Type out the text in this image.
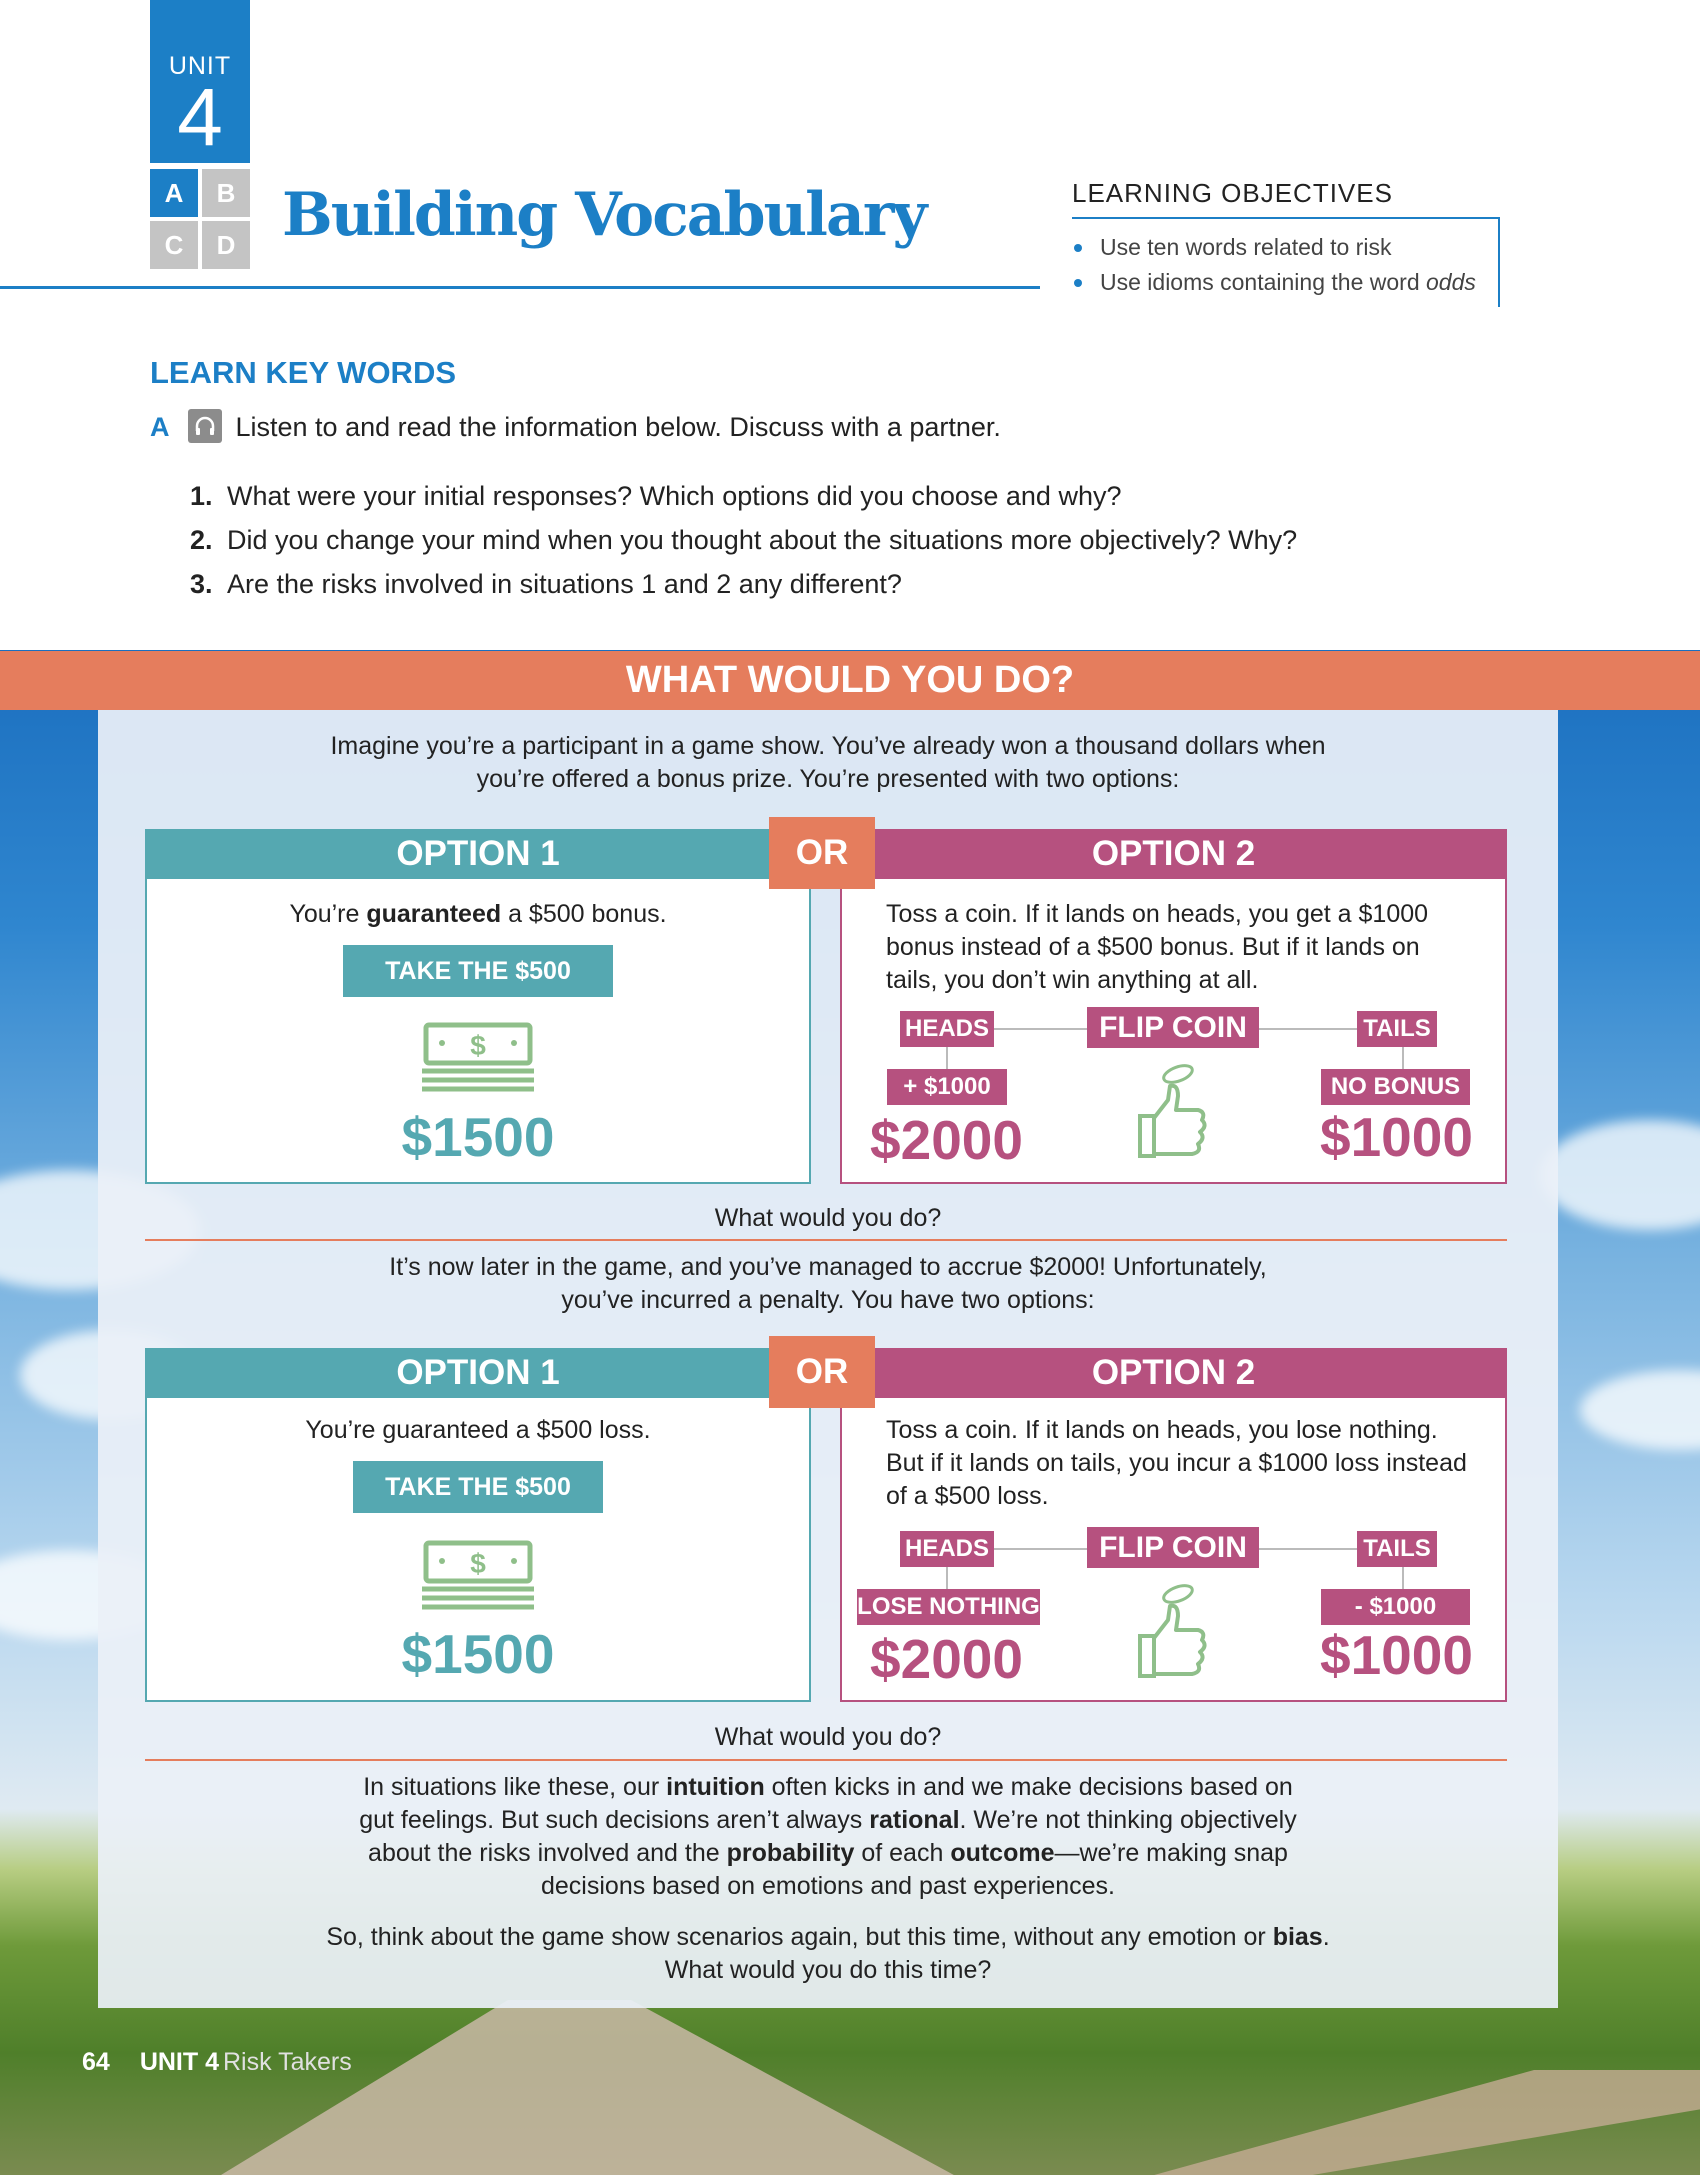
UNIT
4
A	B
C	D Building Vocabulary	LEARNING OBJECTIVES
Use ten words related to risk
Use idioms containing the word odds
LEARN KEY WORDS
A Listen to and read the information below. Discuss with a partner.
1. What were your initial responses? Which options did you choose and why?
2. Did you change your mind when you thought about the situations more objectively? Why?
3. Are the risks involved in situations 1 and 2 any different?
WHAT WOULD YOU DO?
Imagine you’re a participant in a game show. You’ve already won a thousand dollars when
you’re offered a bonus prize. You’re presented with two options:
OPTION 1	OPTION 2
OR
You’re guaranteed a $500 bonus.
TAKE THE $500 BONUS
$
$1500
Toss a coin. If it lands on heads, you get a $1000
bonus instead of a $500 bonus. But if it lands on
tails, you don’t win anything at all.
HEADS	FLIP COIN	TAILS
+ $1000	NO BONUS
$2000	$1000
What would you do?
It’s now later in the game, and you’ve managed to accrue $2000! Unfortunately,
you’ve incurred a penalty. You have two options:
OPTION 1	OPTION 2
OR
You’re guaranteed a $500 loss.
TAKE THE $500 LOSS
$
$1500
Toss a coin. If it lands on heads, you lose nothing.
But if it lands on tails, you incur a $1000 loss instead
of a $500 loss.
HEADS	FLIP COIN	TAILS
LOSE NOTHING	- $1000
$2000	$1000
What would you do?
In situations like these, our intuition often kicks in and we make decisions based on
gut feelings. But such decisions aren’t always rational. We’re not thinking objectively
about the risks involved and the probability of each outcome—we’re making snap
decisions based on emotions and past experiences.
So, think about the game show scenarios again, but this time, without any emotion or bias.
What would you do this time?
64 UNIT 4 Risk Takers
